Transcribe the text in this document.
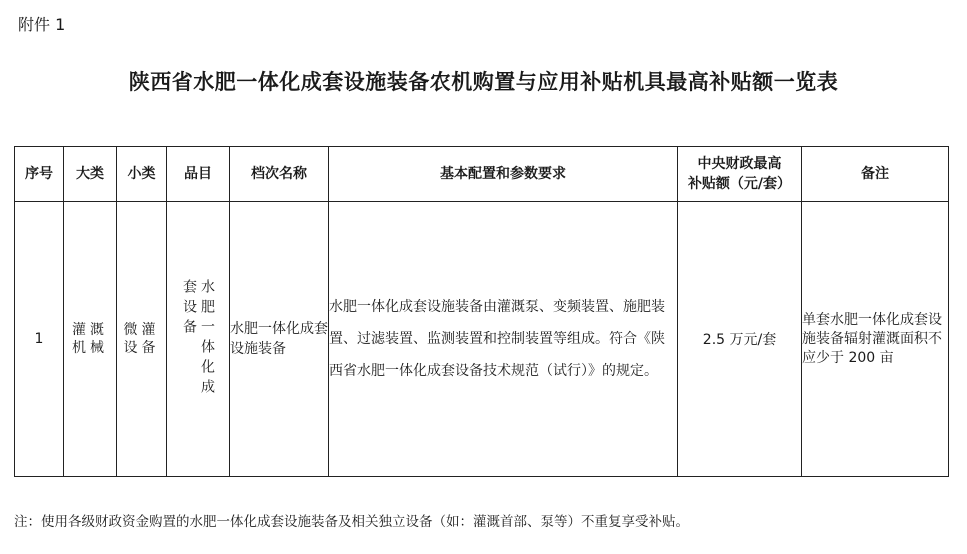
附件 1
陕西省水肥一体化成套设施装备农机购置与应用补贴机具最高补贴额一览表
序号	大类	小类	品目	档次名称	基本配置和参数要求	中央财政最高
补贴额（元/套）	备注
1	灌溉机械	微灌设备	水肥一体化成套设备	水肥一体化成套设施装备	水肥一体化成套设施装备由灌溉泵、变频装置、施肥装置、过滤装置、监测装置和控制装置等组成。符合《陕西省水肥一体化成套设备技术规范（试行）》的规定。	2.5 万元/套	单套水肥一体化成套设施装备辐射灌溉面积不应少于 200 亩
注：使用各级财政资金购置的水肥一体化成套设施装备及相关独立设备（如：灌溉首部、泵等）不重复享受补贴。
